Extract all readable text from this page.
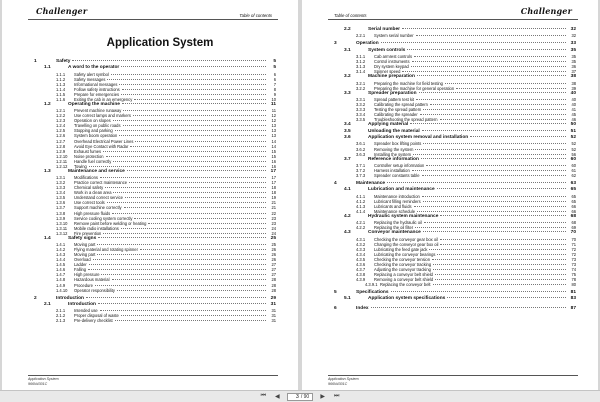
Challenger	Table of contents
Application System
1	Safety	5
1.1	A word to the operator	5
1.1.1	Safety alert symbol	6
1.1.2	Safety messages	6
1.1.3	Informational messages	7
1.1.4	Follow safety instructions	8
1.1.5	Prepare for emergencies	9
1.1.6	Exiting the cab in an emergency	10
1.2	Operating the machine	11
1.2.1	Prevent machine runaway	11
1.2.2	Use correct lamps and markers	12
1.2.3	Operation on slopes	12
1.2.4	Travelling on public roads	13
1.2.5	Stopping and parking	13
1.2.6	System boom operation	13
1.2.7	Overhead Electrical Power Lines	14
1.2.8	Avoid Eye Contact with Radar	14
1.2.9	Exhaust fumes	15
1.2.10	Noise protection	15
1.2.11	Handle fuel correctly	16
1.2.12	Towing	16
1.3	Maintenance and service	17
1.3.1	Modifications	17
1.3.2	Practice correct maintenance	17
1.3.3	Chemical safety	18
1.3.4	Work in a clean area	18
1.3.5	Understand correct service	19
1.3.6	Use correct tools	21
1.3.7	Support machine correctly	21
1.3.8	High pressure fluids	22
1.3.9	Service cooling system correctly	23
1.3.10	Remove paint before welding or heating	23
1.3.11	Mobile radio installations	24
1.3.12	Fire prevention	24
1.4	Safety signs	25
1.4.1	Moving part	25
1.4.2	Flying material and rotating spinner	26
1.4.3	Moving part	26
1.4.4	Overload	26
1.4.5	Ladder	27
1.4.6	Falling	27
1.4.7	High pressure	27
1.4.8	Hazardous material	28
1.4.9	Procedure	28
1.4.10	Operator responsibility	28
2	Introduction	29
2.1	Introduction	31
2.1.1	Intended use	31
2.1.2	Proper disposal of waste	31
2.1.3	Pre-delivery checklist	31
Application System
966N4301C
Table of contents	Challenger
2.2	Serial number	32
2.2.1	System serial number	32
3	Operation	33
3.1	System controls	35
3.1.1	Cab armrest controls	35
3.1.2	Control instruments	35
3.1.3	Dry system keypad	36
3.1.4	Spinner speed	37
3.2	Machine preparation	38
3.2.1	Preparing the machine for field testing	38
3.2.2	Preparing the machine for general operation	39
3.3	Spreader preparation	40
3.3.1	Spread pattern test kit	40
3.3.2	Calibrating the spread pattern	40
3.3.3	Testing the spread pattern	41
3.3.4	Calibrating the spreader	45
3.3.5	Troubleshooting the spread pattern	46
3.4	Applying material	50
3.5	Unloading the material	51
3.6	Application system removal and installation	52
3.6.1	Spreader box lifting points	52
3.6.2	Removing the system	52
3.6.3	Installing the system	56
3.7	Reference information	60
3.7.1	Controller setup information	60
3.7.2	Harness installation	61
3.7.3	Spreader constants table	62
4	Maintenance	63
4.1	Lubrication and maintenance	65
4.1.1	Maintenance introduction	65
4.1.2	Lubricant filling reminders	65
4.1.3	Lubricants and fluids	66
4.1.4	Maintenance schedule	66
4.2	Hydraulic system maintenance	68
4.2.1	Replacing the hydraulic oil	68
4.2.2	Replacing the oil filter	69
4.3	Conveyor maintenance	70
4.3.1	Checking the conveyor gear box oil	70
4.3.2	Changing the conveyor gear box oil	71
4.3.3	Lubricating the feed gate jack	72
4.3.4	Lubricating the conveyor bearings	72
4.3.5	Checking the conveyor tension	73
4.3.6	Checking the conveyor tracking	73
4.3.7	Adjusting the conveyor tracking	74
4.3.8	Replacing a conveyor belt shield	75
4.3.9	Removing a conveyor belt shield	78
4.3.9.1 Replacing the conveyor belt	80
5	Specifications	81
5.1	Application system specifications	83
6	Index	87
Application System
966N4301C
⏮	◀
3	/ 90	▶	⏭
